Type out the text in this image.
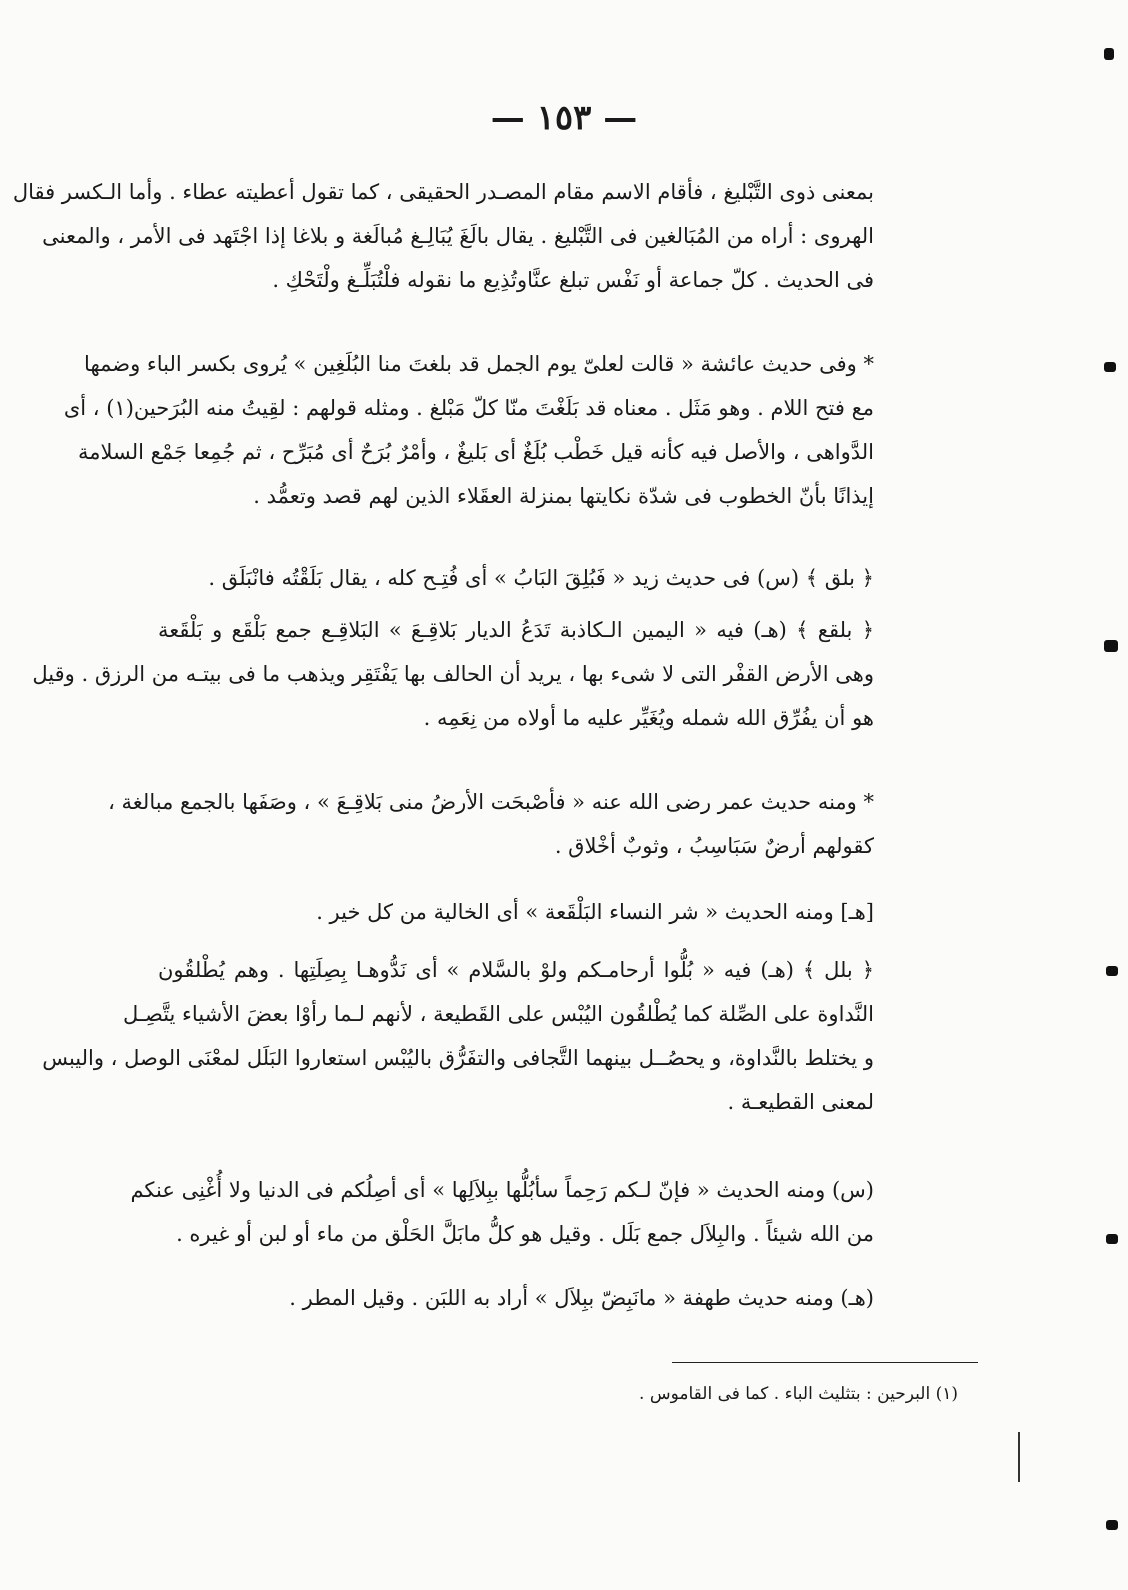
— ١٥٣ —
بمعنى ذوى التَّبْليغ ، فأقام الاسم مقام المصـدر الحقيقى ، كما تقول أعطيته عطاء . وأما الـكسر فقال
الهروى : أراه من المُبَالغين فى التَّبْليغ . يقال بالَغَ يُبَالِـغ مُبالَغة و بلاغا إذا اجْتَهد فى الأمر ، والمعنى
فى الحديث . كلّ جماعة أو نَفْس تبلغ عنَّاوتُذِيع ما نقوله فلْتُبَلِّـغ ولْتَحْكِ .
* وفى حديث عائشة « قالت لعلىّ يوم الجمل قد بلغتَ منا البُلَغِين » يُروى بكسر الباء وضمها
مع فتح اللام . وهو مَثَل . معناه قد بَلَغْتَ منّا كلّ مَبْلغ . ومثله قولهم : لقِيتُ منه البُرَحين(١) ، أى
الدَّواهى ، والأصل فيه كأنه قيل خَطْب بُلَغٌ أى بَليغٌ ، وأمْرٌ بُرَحٌ أى مُبَرِّح ، ثم جُمِعا جَمْع السلامة
إيذانًا بأنّ الخطوب فى شدّة نكايتها بمنزلة العقَلاء الذين لهم قصد وتعمُّد .
﴿ بلق ﴾ (س) فى حديث زيد « فَبُلِقَ البَابُ » أى فُتِـح كله ، يقال بَلَقْتُه فانْبَلَق .
﴿ بلقع ﴾ (هـ) فيه « اليمين الـكاذبة تَدَعُ الديار بَلاقِـعَ » البَلاقِـع جمع بَلْقَع و بَلْقَعة
وهى الأرض القفْر التى لا شىء بها ، يريد أن الحالف بها يَفْتَقِر ويذهب ما فى بيتـه من الرزق . وقيل
هو أن يفُرِّق الله شمله ويُغَيِّر عليه ما أولاه من نِعَمِه .
* ومنه حديث عمر رضى الله عنه « فأصْبحَت الأرضُ منى بَلاقِـعَ » ، وصَفَها بالجمع مبالغة ،
كقولهم أرضٌ سَبَاسِبُ ، وثوبٌ أخْلاق .
[هـ] ومنه الحديث « شر النساء البَلْقَعة » أى الخالية من كل خير .
﴿ بلل ﴾ (هـ) فيه « بُلُّوا أرحامـكم ولوْ بالسَّلام » أى نَدُّوهـا بِصِلَتِها . وهم يُطْلقُون
النَّداوة على الصِّلة كما يُطْلقُون اليُبْس على القَطيعة ، لأنهم لـما رأوْا بعضَ الأشياء يتَّصِـل
و يختلط بالنَّداوة، و يحصُــل بينهما التَّجافى والتفَرُّق باليُبْس استعاروا البَلَل لمعْنَى الوصل ، واليبس
لمعنى القطيعـة .
(س) ومنه الحديث « فإنّ لـكم رَحِماً سأبُلُّها ببِلاَلِها » أى أصِلُكم فى الدنيا ولا أُغْنِى عنكم
من الله شيئاً . والبِلاَل جمع بَلَل . وقيل هو كلُّ مابَلَّ الحَلْق من ماء أو لبن أو غيره .
(هـ) ومنه حديث طهفة « مانَبِضّ ببِلاَل » أراد به اللبَن . وقيل المطر .
(١) البرحين : بتثليث الباء . كما فى القاموس .
